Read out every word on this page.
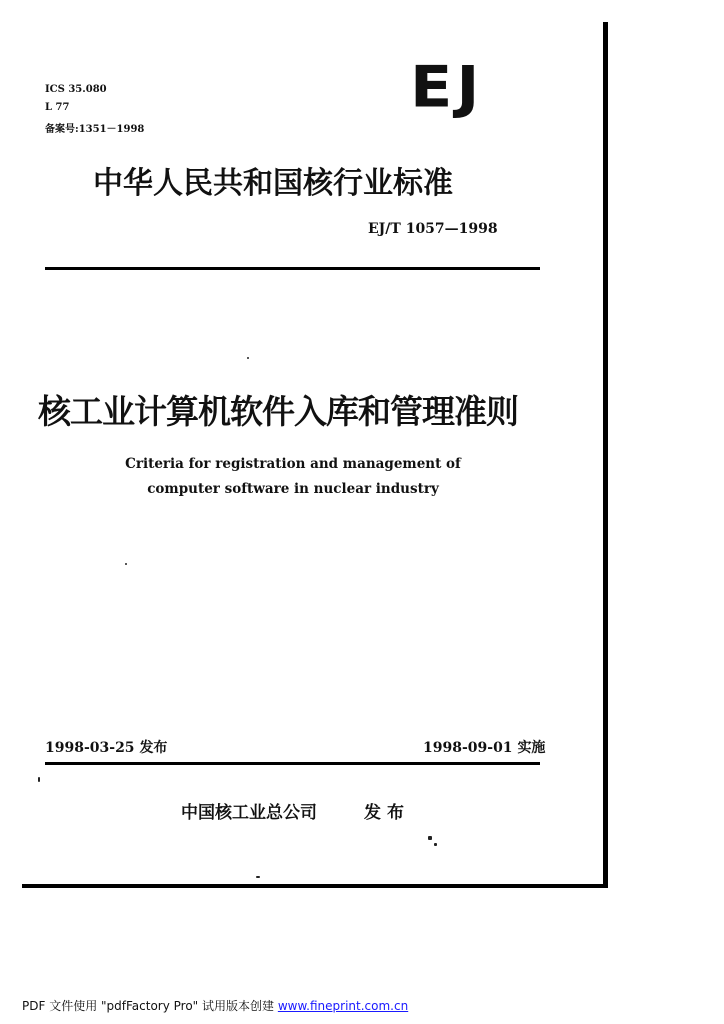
ICS 35.080
L 77
备案号:1351－1998
EJ
中华人民共和国核行业标准
EJ/T 1057—1998
核工业计算机软件入库和管理准则
Criteria for registration and management of
computer software in nuclear industry
1998-03-25 发布	1998-09-01 实施
中国核工业总公司	发布
PDF 文件使用 "pdfFactory Pro" 试用版本创建 www.fineprint.com.cn
